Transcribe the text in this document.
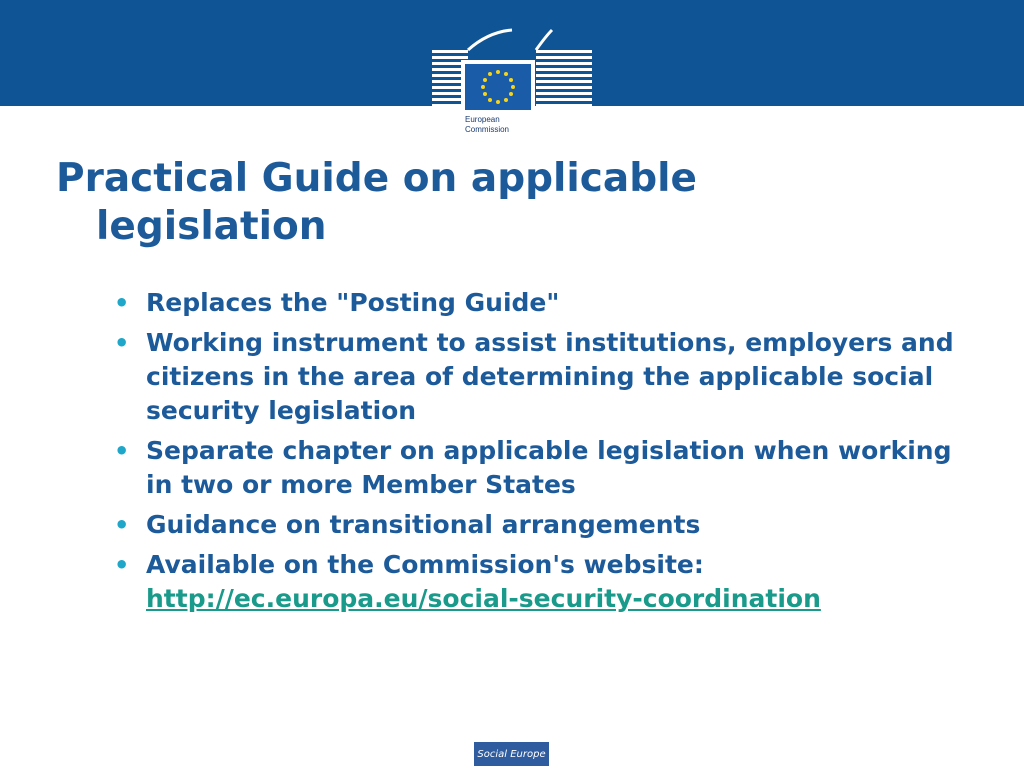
European
Commission
Practical Guide on applicable
legislation
• Replaces the "Posting Guide"
• Working instrument to assist institutions, employers and citizens in the area of determining the applicable social security legislation
• Separate chapter on applicable legislation when working in two or more Member States
• Guidance on transitional arrangements
• Available on the Commission's website:
http://ec.europa.eu/social-security-coordination
Social Europe
